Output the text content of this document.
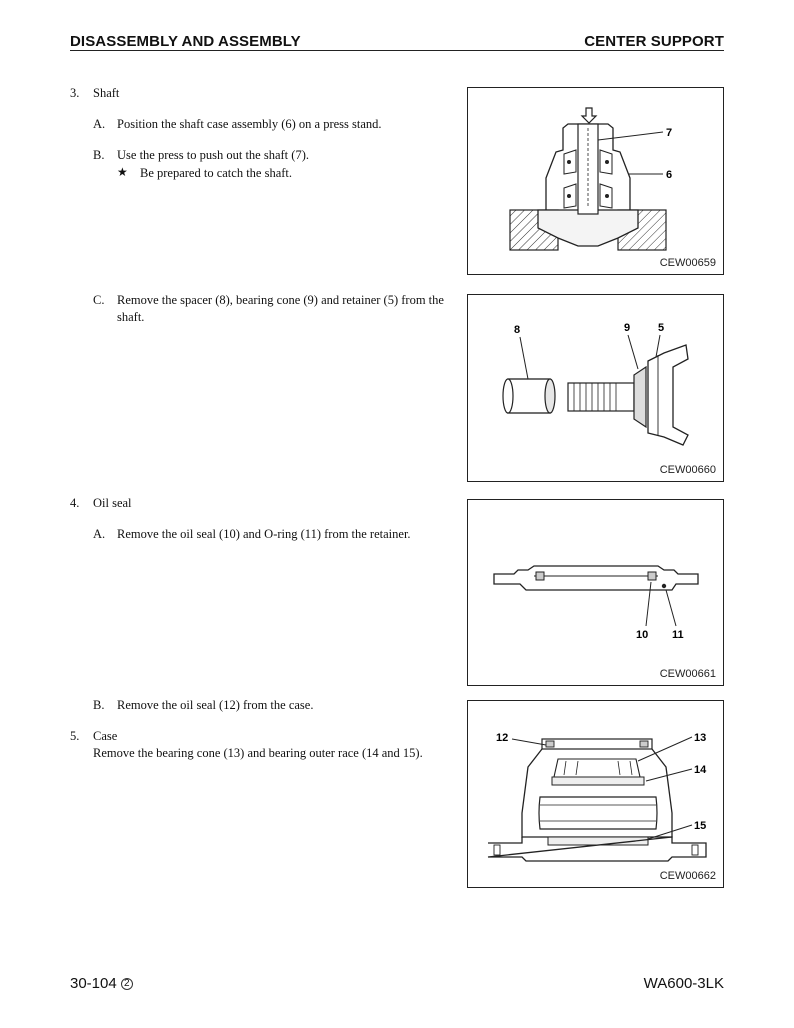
DISASSEMBLY AND ASSEMBLY	CENTER SUPPORT
3. Shaft
A. Position the shaft case assembly (6) on a press stand.
B. Use the press to push out the shaft (7).
★ Be prepared to catch the shaft.
C. Remove the spacer (8), bearing cone (9) and retainer (5) from the
shaft.
4. Oil seal
A. Remove the oil seal (10) and O-ring (11) from the retainer.
B. Remove the oil seal (12) from the case.
5. Case
Remove the bearing cone (13) and bearing outer race (14 and 15).
7
6
CEW00659
8	9	5
CEW00660
10 11
CEW00661
12	13
14
15
CEW00662
30-104 2	WA600-3LK
